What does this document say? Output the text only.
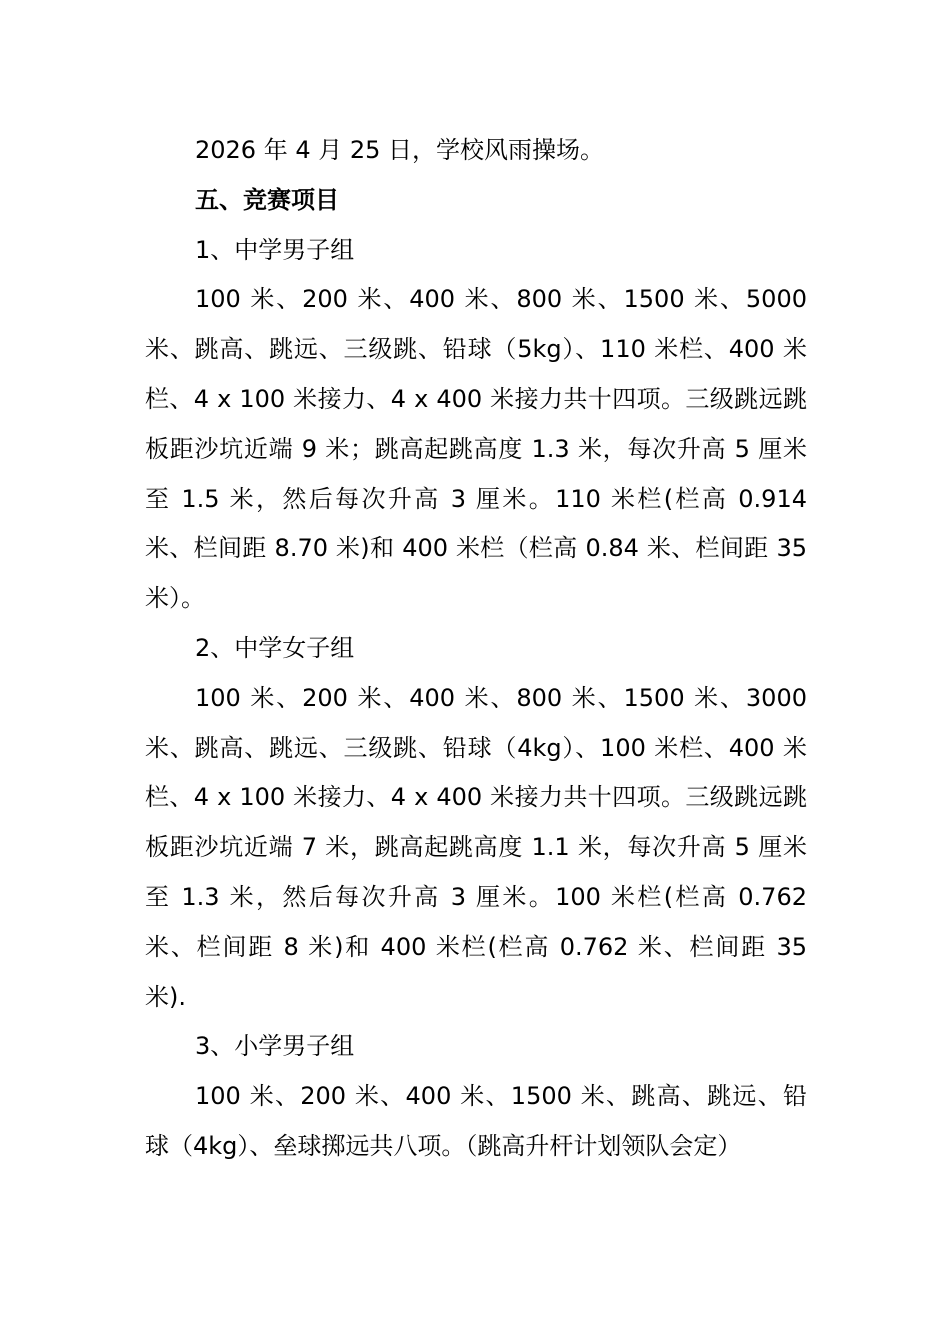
2026 年 4 月 25 日，学校风雨操场。

五、竞赛项目

1、中学男子组

100 米、200 米、400 米、800 米、1500 米、5000 米、跳高、跳远、三级跳、铅球（5kg）、110 米栏、400 米栏、4 x 100 米接力、4 x 400 米接力共十四项。三级跳远跳板距沙坑近端 9 米；跳高起跳高度 1.3 米，每次升高 5 厘米至 1.5 米，然后每次升高 3 厘米。110 米栏(栏高 0.914 米、栏间距 8.70 米)和 400 米栏（栏高 0.84 米、栏间距 35 米）。

2、中学女子组

100 米、200 米、400 米、800 米、1500 米、3000 米、跳高、跳远、三级跳、铅球（4kg）、100 米栏、400 米栏、4 x 100 米接力、4 x 400 米接力共十四项。三级跳远跳板距沙坑近端 7 米，跳高起跳高度 1.1 米，每次升高 5 厘米至 1.3 米，然后每次升高 3 厘米。100 米栏(栏高 0.762 米、栏间距 8 米)和 400 米栏(栏高 0.762 米、栏间距 35 米).

3、小学男子组

100 米、200 米、400 米、1500 米、跳高、跳远、铅球（4kg）、垒球掷远共八项。（跳高升杆计划领队会定）
